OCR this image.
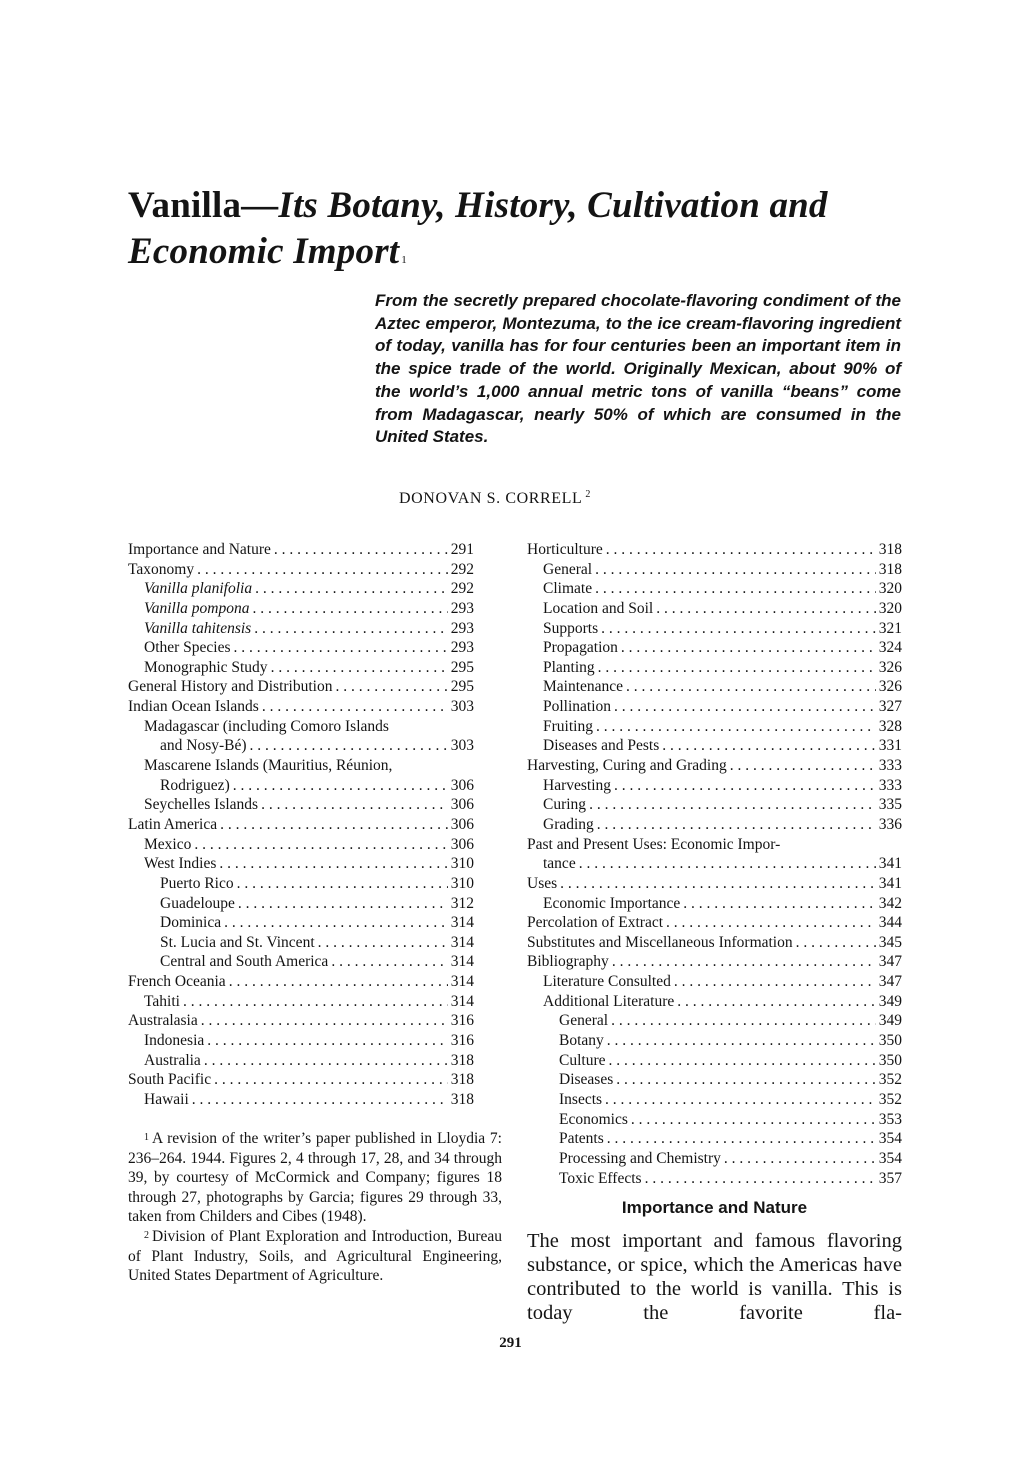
Vanilla—Its Botany, History, Cultivation and
Economic Import $^1$

From the secretly prepared chocolate-flavoring condiment of the Aztec emperor, Montezuma, to the ice cream-flavoring ingredient of today, vanilla has for four centuries been an important item in the spice trade of the world. Originally Mexican, about 90% of the world’s 1,000 annual metric tons of vanilla “beans” come from Madagascar, nearly 50% of which are consumed in the United States.

DONOVAN S. CORRELL $^2$

Importance and Nature . . .	291
Taxonomy . . .	292
Vanilla planifolia . . .	292
Vanilla pompona . . .	293
Vanilla tahitensis . . .	293
Other Species . . .	293
Monographic Study . . .	295
General History and Distribution . . .	295
Indian Ocean Islands . . .	303
Madagascar (including Comoro Islands
and Nosy-Bé) . . .	303
Mascarene Islands (Mauritius, Réunion,
Rodriguez) . . .	306
Seychelles Islands . . .	306
Latin America . . .	306
Mexico . . .	306
West Indies . . .	310
Puerto Rico . . .	310
Guadeloupe . . .	312
Dominica . . .	314
St. Lucia and St. Vincent . . .	314
Central and South America . . .	314
French Oceania . . .	314
Tahiti . . .	314
Australasia . . .	316
Indonesia . . .	316
Australia . . .	318
South Pacific . . .	318
Hawaii . . .	318
Horticulture . . .	318
General . . .	318
Climate . . .	320
Location and Soil . . .	320
Supports . . .	321
Propagation . . .	324
Planting . . .	326
Maintenance . . .	326
Pollination . . .	327
Fruiting . . .	328
Diseases and Pests . . .	331
Harvesting, Curing and Grading . . .	333
Harvesting . . .	333
Curing . . .	335
Grading . . .	336
Past and Present Uses: Economic Impor-
tance . . .	341
Uses . . .	341
Economic Importance . . .	342
Percolation of Extract . . .	344
Substitutes and Miscellaneous Information . . .	345
Bibliography . . .	347
Literature Consulted . . .	347
Additional Literature . . .	349
General . . .	349
Botany . . .	350
Culture . . .	350
Diseases . . .	352
Insects . . .	352
Economics . . .	353
Patents . . .	354
Processing and Chemistry . . .	354
Toxic Effects . . .	357

$^1$ A revision of the writer’s paper published in Lloydia 7: 236–264. 1944. Figures 2, 4 through 17, 28, and 34 through 39, by courtesy of McCormick and Company; figures 18 through 27, photographs by Garcia; figures 29 through 33, taken from Childers and Cibes (1948).

$^2$ Division of Plant Exploration and Introduction, Bureau of Plant Industry, Soils, and Agricultural Engineering, United States Department of Agriculture.

Importance and Nature

The most important and famous flavoring substance, or spice, which the Americas have contributed to the world is vanilla. This is today the favorite fla-

291
